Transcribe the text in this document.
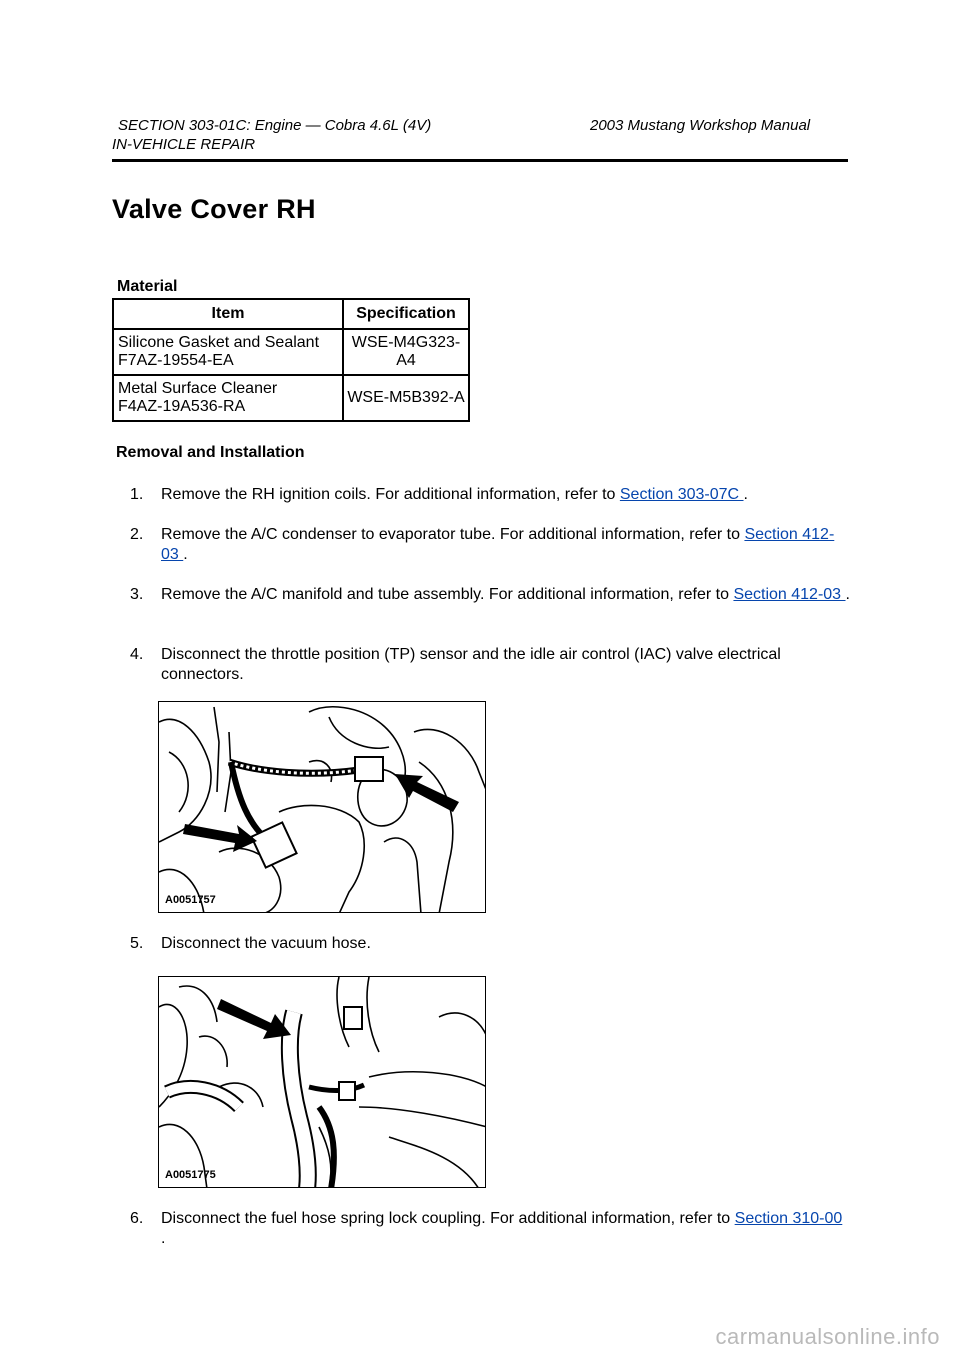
SECTION 303-01C: Engine — Cobra 4.6L (4V)	2003 Mustang Workshop Manual
IN-VEHICLE REPAIR
Valve Cover RH
Material
Item	Specification

Silicone Gasket and Sealant
F7AZ-19554-EA	WSE-M4G323-A4

Metal Surface Cleaner
F4AZ-19A536-RA	WSE-M5B392-A
Removal and Installation
1. Remove the RH ignition coils. For additional information, refer to Section 303-07C .
2. Remove the A/C condenser to evaporator tube. For additional information, refer to Section 412-03 .
3. Remove the A/C manifold and tube assembly. For additional information, refer to Section 412-03 .
4. Disconnect the throttle position (TP) sensor and the idle air control (IAC) valve electrical connectors.
A0051757
5. Disconnect the vacuum hose.
A0051775
6. Disconnect the fuel hose spring lock coupling. For additional information, refer to Section 310-00 .
carmanualsonline.info
